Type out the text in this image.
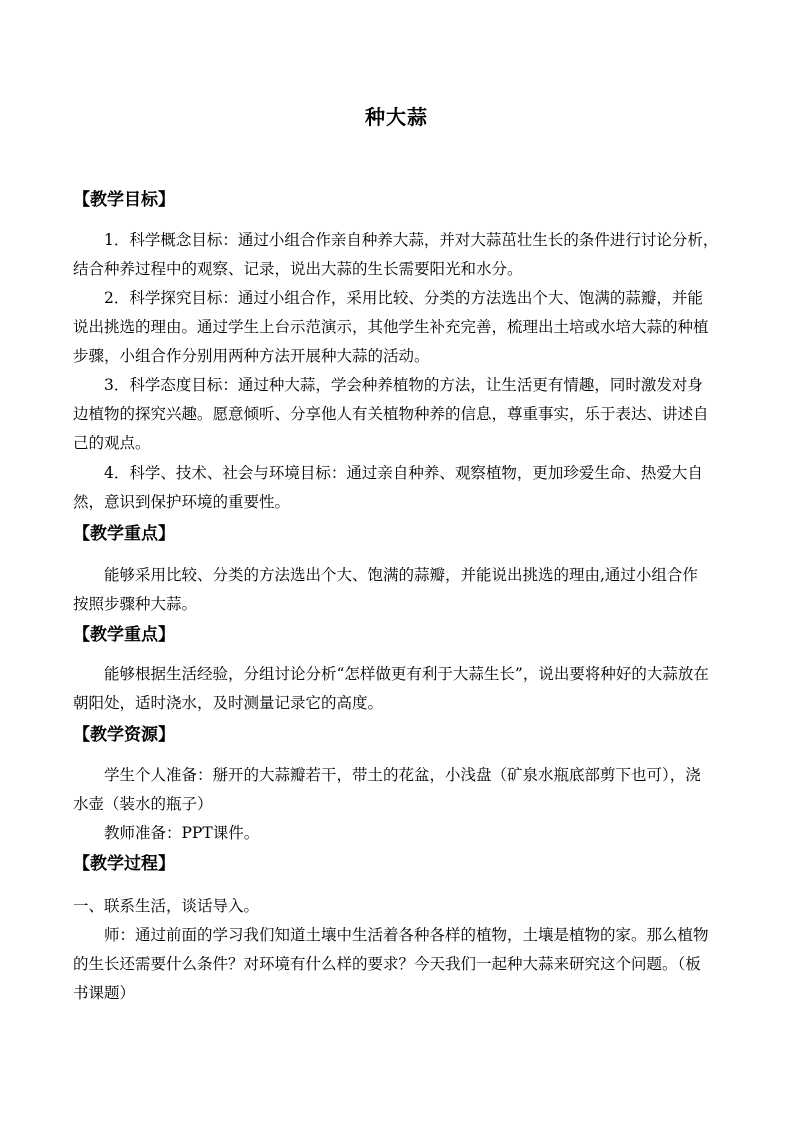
种大蒜
【教学目标】
1．科学概念目标：通过小组合作亲自种养大蒜，并对大蒜茁壮生长的条件进行讨论分析，
结合种养过程中的观察、记录，说出大蒜的生长需要阳光和水分。
2．科学探究目标：通过小组合作，采用比较、分类的方法选出个大、饱满的蒜瓣，并能
说出挑选的理由。通过学生上台示范演示，其他学生补充完善，梳理出土培或水培大蒜的种植
步骤，小组合作分别用两种方法开展种大蒜的活动。
3．科学态度目标：通过种大蒜，学会种养植物的方法，让生活更有情趣，同时激发对身
边植物的探究兴趣。愿意倾听、分享他人有关植物种养的信息，尊重事实，乐于表达、讲述自
己的观点。
4．科学、技术、社会与环境目标：通过亲自种养、观察植物，更加珍爱生命、热爱大自
然，意识到保护环境的重要性。
【教学重点】
能够采用比较、分类的方法选出个大、饱满的蒜瓣，并能说出挑选的理由,通过小组合作
按照步骤种大蒜。
【教学重点】
能够根据生活经验，分组讨论分析“怎样做更有利于大蒜生长”，说出要将种好的大蒜放在
朝阳处，适时浇水，及时测量记录它的高度。
【教学资源】
学生个人准备：掰开的大蒜瓣若干，带土的花盆，小浅盘（矿泉水瓶底部剪下也可），浇
水壶（装水的瓶子）
教师准备：PPT课件。
【教学过程】
一、联系生活，谈话导入。
师：通过前面的学习我们知道土壤中生活着各种各样的植物，土壤是植物的家。那么植物
的生长还需要什么条件？对环境有什么样的要求？今天我们一起种大蒜来研究这个问题。（板
书课题）
